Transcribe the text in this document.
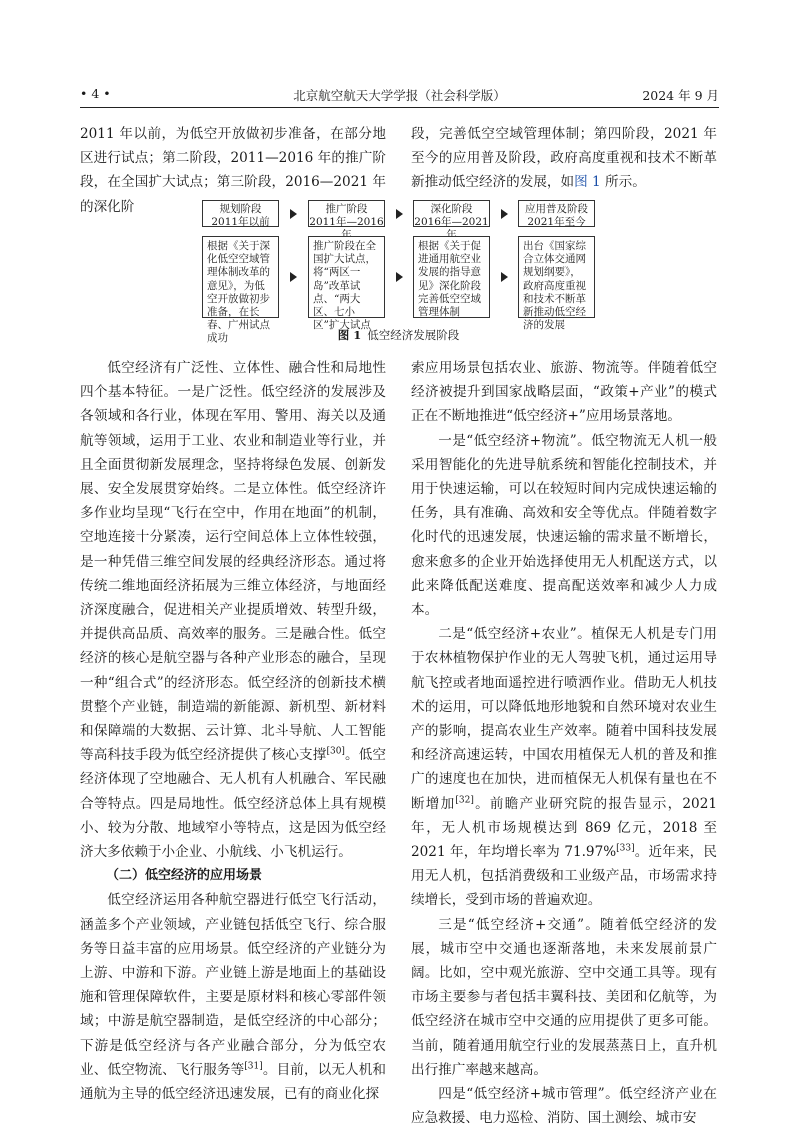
• 4 •	北京航空航天大学学报（社会科学版）	2024 年 9 月

2011 年以前，为低空开放做初步准备，在部分地区进行试点；第二阶段，2011—2016 年的推广阶段，在全国扩大试点；第三阶段，2016—2021 年的深化阶

段，完善低空空域管理体制；第四阶段，2021 年至今的应用普及阶段，政府高度重视和技术不断革新推动低空经济的发展，如图 1 所示。

规划阶段
2011年以前
推广阶段
2011年—2016
深化阶段
2016年—2021
应用普及阶段
2021年至今
根据《关于深化低空空域管理体制改革的意见》，为低空开放做初步准备，在长春、广州试点成功
推广阶段在全国扩大试点，将“两区一岛”改革试点、“两大区、七小区”扩大试点
根据《关于促进通用航空业发展的指导意见》深化阶段完善低空空域管理体制
出台《国家综合立体交通网规划纲要》，政府高度重视和技术不断革新推动低空经济的发展
图 1 低空经济发展阶段

低空经济有广泛性、立体性、融合性和局地性四个基本特征。一是广泛性。低空经济的发展涉及各领域和各行业，体现在军用、警用、海关以及通航等领域，运用于工业、农业和制造业等行业，并且全面贯彻新发展理念，坚持将绿色发展、创新发展、安全发展贯穿始终。二是立体性。低空经济许多作业均呈现“飞行在空中，作用在地面”的机制，空地连接十分紧凑，运行空间总体上立体性较强，是一种凭借三维空间发展的经典经济形态。通过将传统二维地面经济拓展为三维立体经济，与地面经济深度融合，促进相关产业提质增效、转型升级，并提供高品质、高效率的服务。三是融合性。低空经济的核心是航空器与各种产业形态的融合，呈现一种“组合式”的经济形态。低空经济的创新技术横贯整个产业链，制造端的新能源、新机型、新材料和保障端的大数据、云计算、北斗导航、人工智能等高科技手段为低空经济提供了核心支撑[30]。低空经济体现了空地融合、无人机有人机融合、军民融合等特点。四是局地性。低空经济总体上具有规模小、较为分散、地域窄小等特点，这是因为低空经济大多依赖于小企业、小航线、小飞机运行。

（二）低空经济的应用场景

低空经济运用各种航空器进行低空飞行活动，涵盖多个产业领域，产业链包括低空飞行、综合服务等日益丰富的应用场景。低空经济的产业链分为上游、中游和下游。产业链上游是地面上的基础设施和管理保障软件，主要是原材料和核心零部件领域；中游是航空器制造，是低空经济的中心部分；下游是低空经济与各产业融合部分，分为低空农业、低空物流、飞行服务等[31]。目前，以无人机和通航为主导的低空经济迅速发展，已有的商业化探

索应用场景包括农业、旅游、物流等。伴随着低空经济被提升到国家战略层面，“政策+产业”的模式正在不断地推进“低空经济+”应用场景落地。

一是“低空经济+物流”。低空物流无人机一般采用智能化的先进导航系统和智能化控制技术，并用于快速运输，可以在较短时间内完成快速运输的任务，具有准确、高效和安全等优点。伴随着数字化时代的迅速发展，快速运输的需求量不断增长，愈来愈多的企业开始选择使用无人机配送方式，以此来降低配送难度、提高配送效率和减少人力成本。

二是“低空经济+农业”。植保无人机是专门用于农林植物保护作业的无人驾驶飞机，通过运用导航飞控或者地面遥控进行喷洒作业。借助无人机技术的运用，可以降低地形地貌和自然环境对农业生产的影响，提高农业生产效率。随着中国科技发展和经济高速运转，中国农用植保无人机的普及和推广的速度也在加快，进而植保无人机保有量也在不断增加[32]。前瞻产业研究院的报告显示，2021 年，无人机市场规模达到 869 亿元，2018 至 2021 年，年均增长率为 71.97%[33]。近年来，民用无人机，包括消费级和工业级产品，市场需求持续增长，受到市场的普遍欢迎。

三是“低空经济+交通”。随着低空经济的发展，城市空中交通也逐渐落地，未来发展前景广阔。比如，空中观光旅游、空中交通工具等。现有市场主要参与者包括丰翼科技、美团和亿航等，为低空经济在城市空中交通的应用提供了更多可能。当前，随着通用航空行业的发展蒸蒸日上，直升机出行推广率越来越高。

四是“低空经济+城市管理”。低空经济产业在应急救援、电力巡检、消防、国土测绘、城市安
